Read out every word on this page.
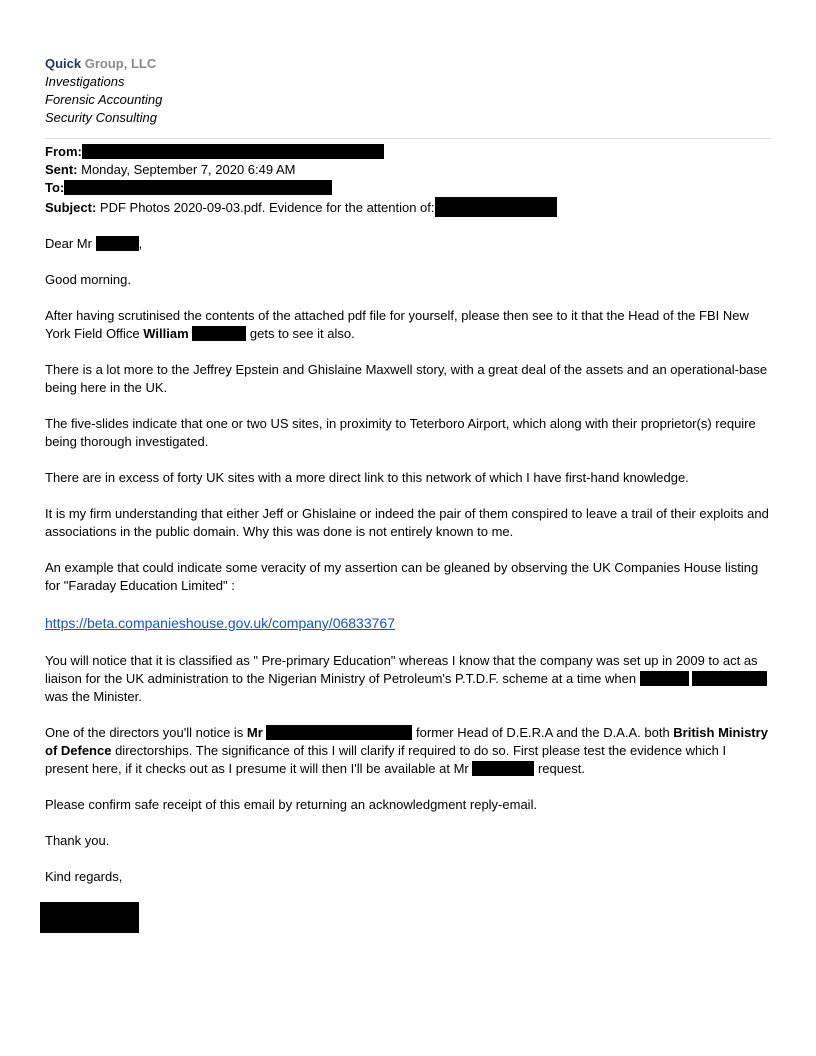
Quick Group, LLC
Investigations
Forensic Accounting
Security Consulting
From:
Sent: Monday, September 7, 2020 6:49 AM
To:
Subject: PDF Photos 2020-09-03.pdf. Evidence for the attention of:

Dear Mr	,

Good morning.

After having scrutinised the contents of the attached pdf file for yourself, please then see to it that the Head of the FBI New York Field Office William	gets to see it also.

There is a lot more to the Jeffrey Epstein and Ghislaine Maxwell story, with a great deal of the assets and an operational-base being here in the UK.

The five-slides indicate that one or two US sites, in proximity to Teterboro Airport, which along with their proprietor(s) require being thorough investigated.

There are in excess of forty UK sites with a more direct link to this network of which I have first-hand knowledge.

It is my firm understanding that either Jeff or Ghislaine or indeed the pair of them conspired to leave a trail of their exploits and associations in the public domain. Why this was done is not entirely known to me.

An example that could indicate some veracity of my assertion can be gleaned by observing the UK Companies House listing for "Faraday Education Limited" :

https://beta.companieshouse.gov.uk/company/06833767

You will notice that it is classified as " Pre-primary Education" whereas I know that the company was set up in 2009 to act as liaison for the UK administration to the Nigerian Ministry of Petroleum's P.T.D.F. scheme at a time when   was the Minister.

One of the directors you'll notice is Mr	former Head of D.E.R.A and the D.A.A. both British Ministry of Defence directorships. The significance of this I will clarify if required to do so. First please test the evidence which I present here, if it checks out as I presume it will then I'll be available at Mr	request.

Please confirm safe receipt of this email by returning an acknowledgment reply-email.

Thank you.

Kind regards,
